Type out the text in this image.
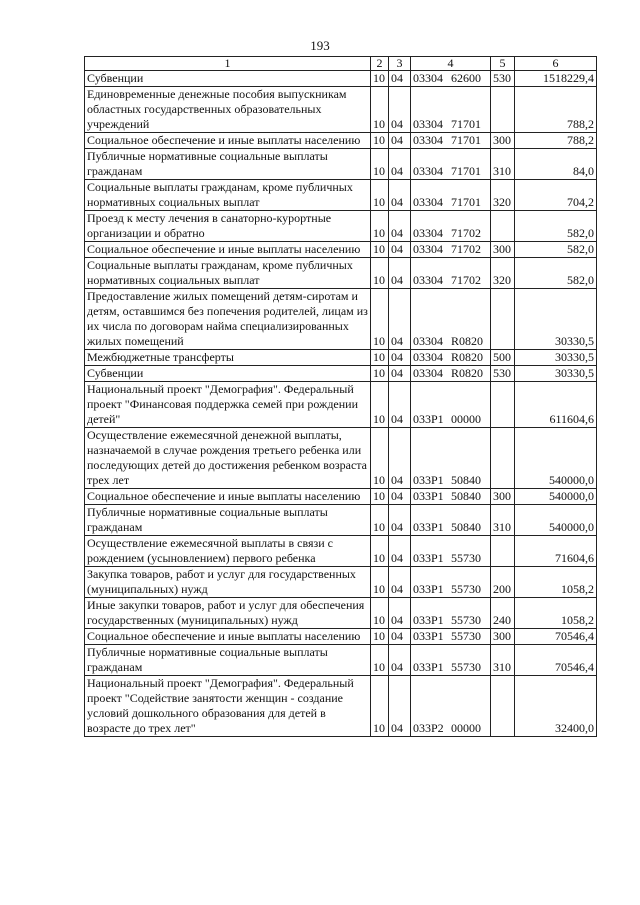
193
1	2	3	4	5	6
Субвенции	10	04	03304 62600	530	1518229,4
Единовременные денежные пособия выпускникам областных государственных образовательных учреждений	10	04	03304 71701		788,2
Социальное обеспечение и иные выплаты населению	10	04	03304 71701	300	788,2
Публичные нормативные социальные выплаты гражданам	10	04	03304 71701	310	84,0
Социальные выплаты гражданам, кроме публичных нормативных социальных выплат	10	04	03304 71701	320	704,2
Проезд к месту лечения в санаторно-курортные организации и обратно	10	04	03304 71702		582,0
Социальное обеспечение и иные выплаты населению	10	04	03304 71702	300	582,0
Социальные выплаты гражданам, кроме публичных нормативных социальных выплат	10	04	03304 71702	320	582,0
Предоставление жилых помещений детям-сиротам и детям, оставшимся без попечения родителей, лицам из их числа по договорам найма специализированных жилых помещений	10	04	03304 R0820		30330,5
Межбюджетные трансферты	10	04	03304 R0820	500	30330,5
Субвенции	10	04	03304 R0820	530	30330,5
Национальный проект "Демография". Федеральный проект "Финансовая поддержка семей при рождении детей"	10	04	033P1 00000		611604,6
Осуществление ежемесячной денежной выплаты, назначаемой в случае рождения третьего ребенка или последующих детей до достижения ребенком возраста трех лет	10	04	033P1 50840		540000,0
Социальное обеспечение и иные выплаты населению	10	04	033P1 50840	300	540000,0
Публичные нормативные социальные выплаты гражданам	10	04	033P1 50840	310	540000,0
Осуществление ежемесячной выплаты в связи с рождением (усыновлением) первого ребенка	10	04	033P1 55730		71604,6
Закупка товаров, работ и услуг для государственных (муниципальных) нужд	10	04	033P1 55730	200	1058,2
Иные закупки товаров, работ и услуг для обеспечения государственных (муниципальных) нужд	10	04	033P1 55730	240	1058,2
Социальное обеспечение и иные выплаты населению	10	04	033P1 55730	300	70546,4
Публичные нормативные социальные выплаты гражданам	10	04	033P1 55730	310	70546,4
Национальный проект "Демография". Федеральный проект "Содействие занятости женщин - создание условий дошкольного образования для детей в возрасте до трех лет"	10	04	033P2 00000		32400,0
